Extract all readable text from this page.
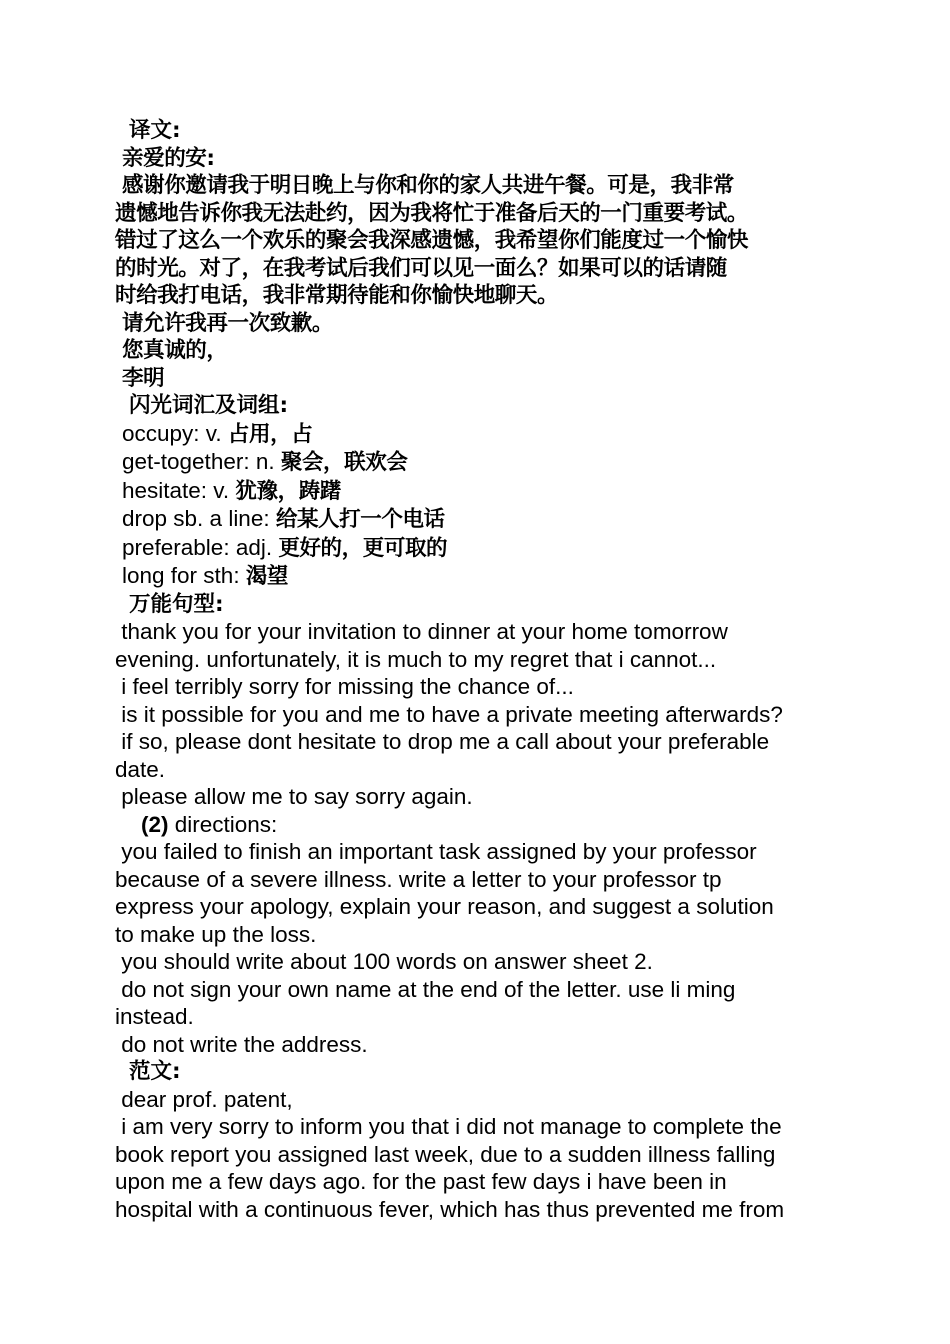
译文:
亲爱的安:
感谢你邀请我于明日晚上与你和你的家人共进午餐。可是，我非常
遗憾地告诉你我无法赴约，因为我将忙于准备后天的一门重要考试。
错过了这么一个欢乐的聚会我深感遗憾，我希望你们能度过一个愉快
的时光。对了，在我考试后我们可以见一面么？如果可以的话请随
时给我打电话，我非常期待能和你愉快地聊天。
请允许我再一次致歉。
您真诚的，
李明
闪光词汇及词组:
occupy: v. 占用，占
get-together: n. 聚会，联欢会
hesitate: v. 犹豫，踌躇
drop sb. a line: 给某人打一个电话
preferable: adj. 更好的，更可取的
long for sth: 渴望
万能句型:
thank you for your invitation to dinner at your home tomorrow
evening. unfortunately, it is much to my regret that i cannot...
i feel terribly sorry for missing the chance of...
is it possible for you and me to have a private meeting afterwards?
if so, please dont hesitate to drop me a call about your preferable
date.
please allow me to say sorry again.
(2) directions:
you failed to finish an important task assigned by your professor
because of a severe illness. write a letter to your professor tp
express your apology, explain your reason, and suggest a solution
to make up the loss.
you should write about 100 words on answer sheet 2.
do not sign your own name at the end of the letter. use li ming
instead.
do not write the address.
范文:
dear prof. patent,
i am very sorry to inform you that i did not manage to complete the
book report you assigned last week, due to a sudden illness falling
upon me a few days ago. for the past few days i have been in
hospital with a continuous fever, which has thus prevented me from
